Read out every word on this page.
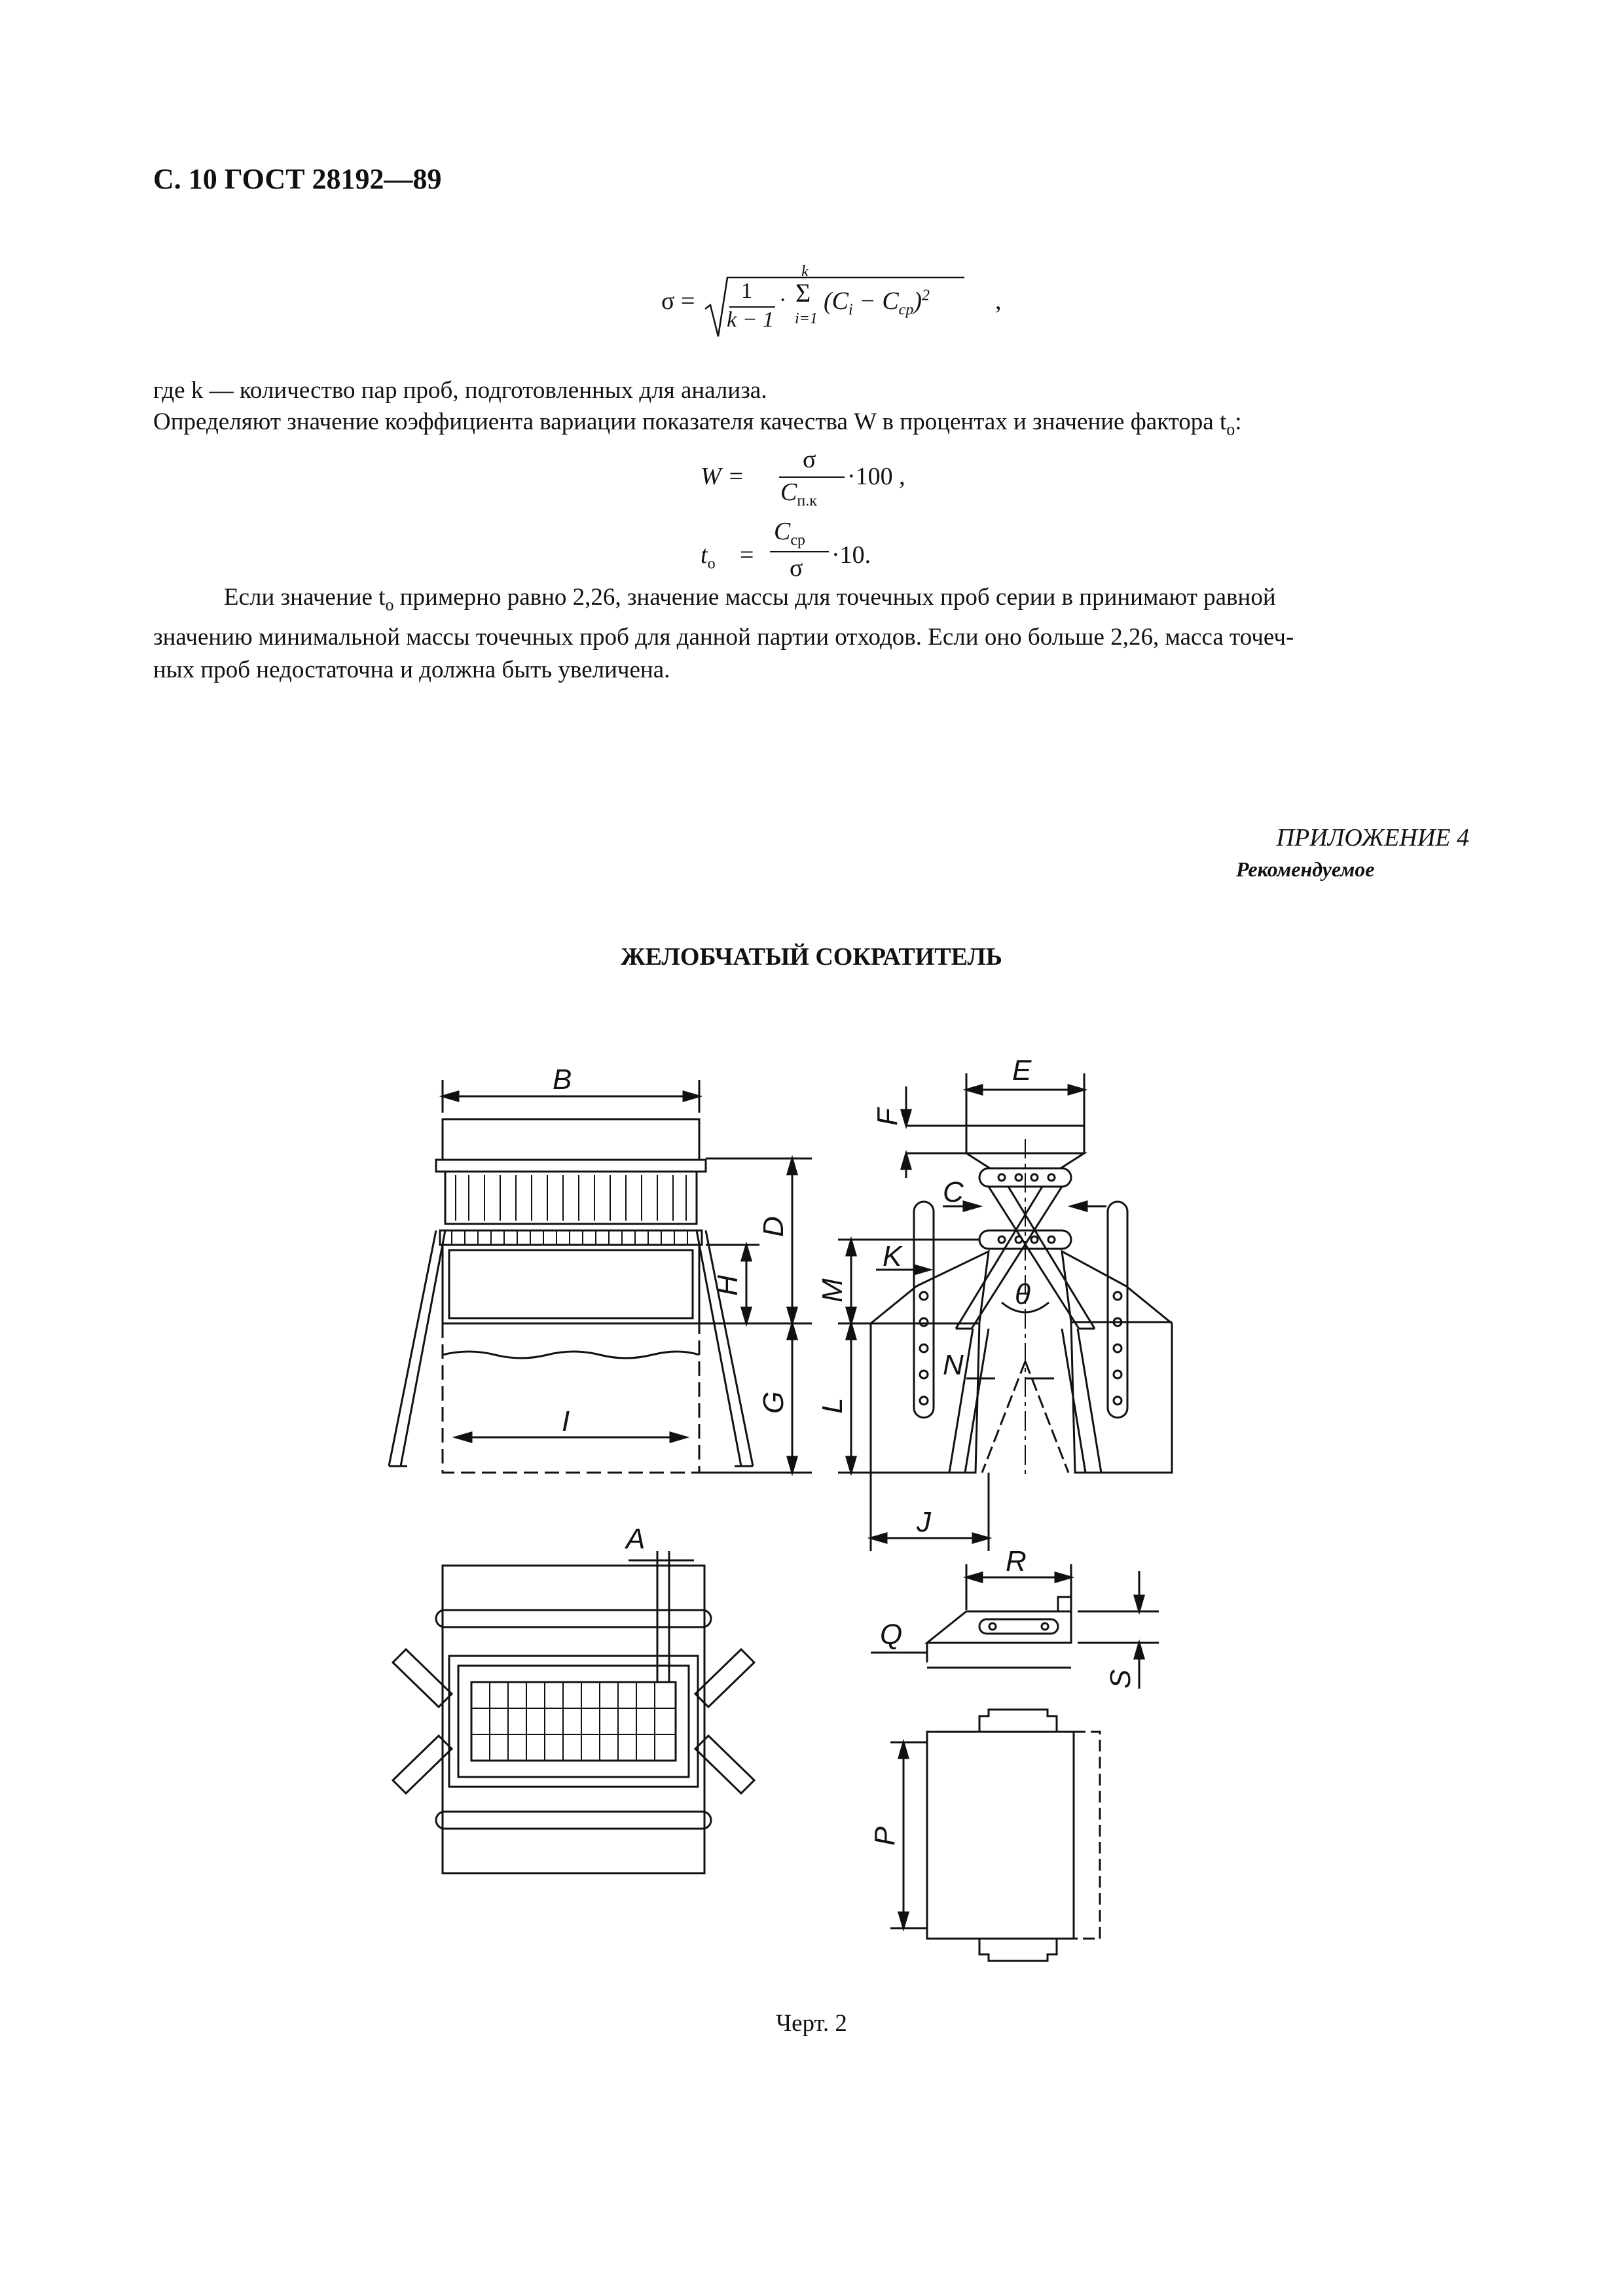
С. 10 ГОСТ 28192—89
σ = 1
k − 1
·
k
Σ
i=1
$(C_i - C_{ср})^2$	,
где k — количество пар проб, подготовленных для анализа.
Определяют значение коэффициента вариации показателя качества W в процентах и значение фактора $t_о$:
W =
σ
$C_{п.к}$
·100 ,
$t_о$ =
$C_{ср}$
σ ·10.
Если значение $t_о$ примерно равно 2,26, значение массы для точечных проб серии в принимают равной
значению минимальной массы точечных проб для данной партии отходов. Если оно больше 2,26, масса точеч-
ных проб недостаточна и должна быть увеличена.
ПРИЛОЖЕНИЕ 4
Рекомендуемое
ЖЕЛОБЧАТЫЙ СОКРАТИТЕЛЬ
B
D
H
G
I
E
F
C
K
M
L
N
θ
J
A
R
Q
S
P
Черт. 2
